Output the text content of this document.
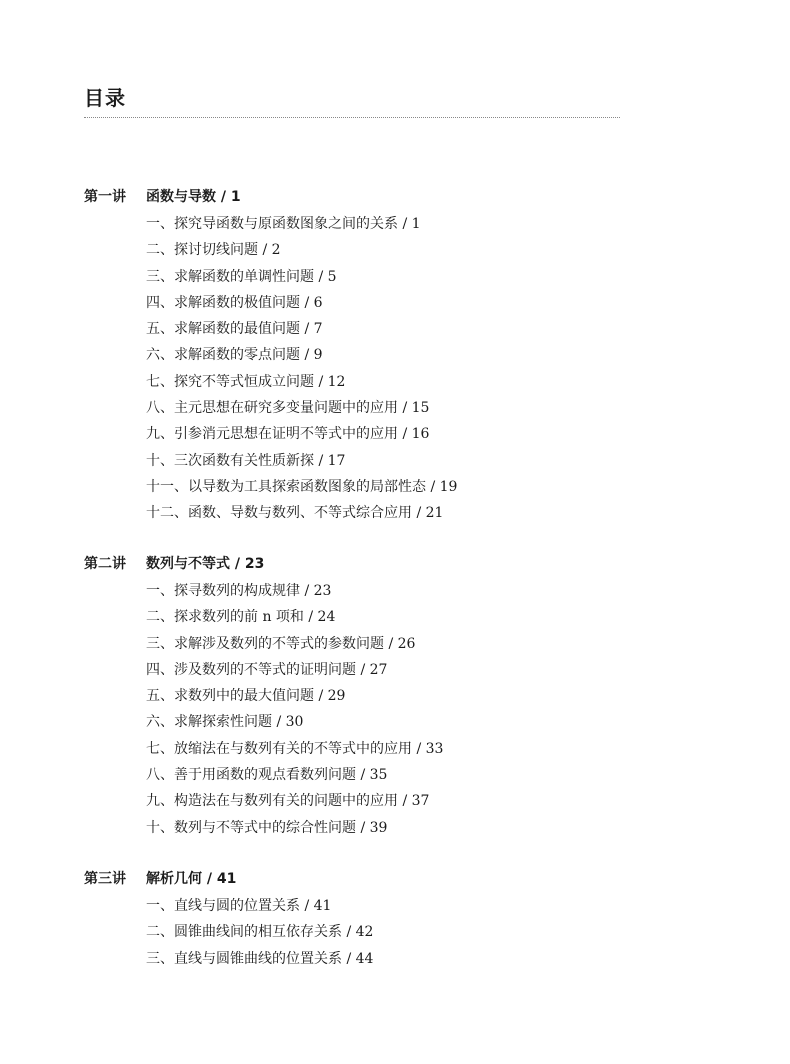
目录
第一讲 函数与导数 / 1
一、探究导函数与原函数图象之间的关系 / 1
二、探讨切线问题 / 2
三、求解函数的单调性问题 / 5
四、求解函数的极值问题 / 6
五、求解函数的最值问题 / 7
六、求解函数的零点问题 / 9
七、探究不等式恒成立问题 / 12
八、主元思想在研究多变量问题中的应用 / 15
九、引参消元思想在证明不等式中的应用 / 16
十、三次函数有关性质新探 / 17
十一、以导数为工具探索函数图象的局部性态 / 19
十二、函数、导数与数列、不等式综合应用 / 21
第二讲 数列与不等式 / 23
一、探寻数列的构成规律 / 23
二、探求数列的前 n 项和 / 24
三、求解涉及数列的不等式的参数问题 / 26
四、涉及数列的不等式的证明问题 / 27
五、求数列中的最大值问题 / 29
六、求解探索性问题 / 30
七、放缩法在与数列有关的不等式中的应用 / 33
八、善于用函数的观点看数列问题 / 35
九、构造法在与数列有关的问题中的应用 / 37
十、数列与不等式中的综合性问题 / 39
第三讲 解析几何 / 41
一、直线与圆的位置关系 / 41
二、圆锥曲线间的相互依存关系 / 42
三、直线与圆锥曲线的位置关系 / 44
